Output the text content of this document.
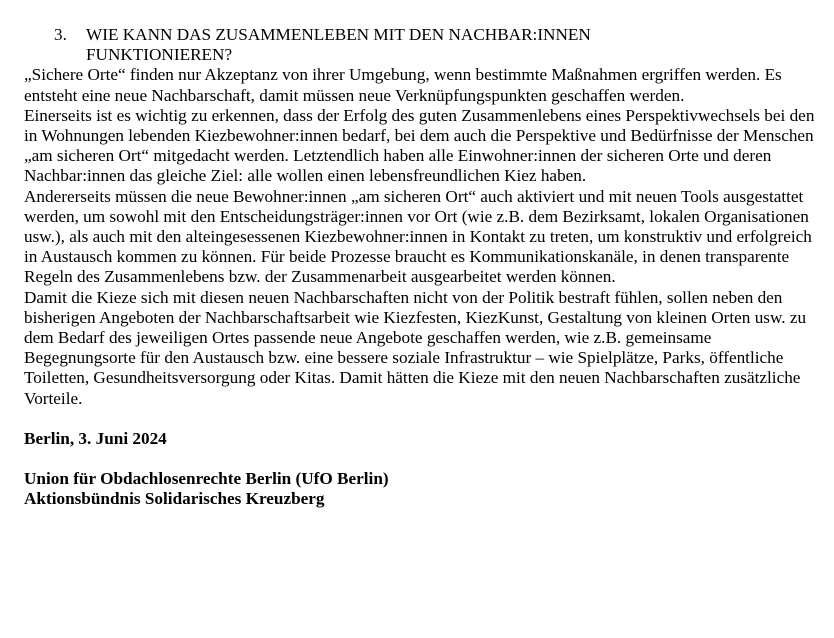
3.	WIE KANN DAS ZUSAMMENLEBEN MIT DEN NACHBAR:INNEN FUNKTIONIEREN?

„Sichere Orte“ finden nur Akzeptanz von ihrer Umgebung, wenn bestimmte Maßnahmen ergriffen werden. Es entsteht eine neue Nachbarschaft, damit müssen neue Verknüpfungspunkten geschaffen werden.

Einerseits ist es wichtig zu erkennen, dass der Erfolg des guten Zusammenlebens eines Perspektivwechsels bei den in Wohnungen lebenden Kiezbewohner:innen bedarf, bei dem auch die Perspektive und Bedürfnisse der Menschen „am sicheren Ort“ mitgedacht werden. Letztendlich haben alle Einwohner:innen der sicheren Orte und deren Nachbar:innen das gleiche Ziel: alle wollen einen lebensfreundlichen Kiez haben.

Andererseits müssen die neue Bewohner:innen „am sicheren Ort“ auch aktiviert und mit neuen Tools ausgestattet werden, um sowohl mit den Entscheidungsträger:innen vor Ort (wie z.B. dem Bezirksamt, lokalen Organisationen usw.), als auch mit den alteingesessenen Kiezbewohner:innen in Kontakt zu treten, um konstruktiv und erfolgreich in Austausch kommen zu können. Für beide Prozesse braucht es Kommunikationskanäle, in denen transparente Regeln des Zusammenlebens bzw. der Zusammenarbeit ausgearbeitet werden können.

Damit die Kieze sich mit diesen neuen Nachbarschaften nicht von der Politik bestraft fühlen, sollen neben den bisherigen Angeboten der Nachbarschaftsarbeit wie Kiezfesten, KiezKunst, Gestaltung von kleinen Orten usw. zu dem Bedarf des jeweiligen Ortes passende neue Angebote geschaffen werden, wie z.B. gemeinsame Begegnungsorte für den Austausch bzw. eine bessere soziale Infrastruktur – wie Spielplätze, Parks, öffentliche Toiletten, Gesundheitsversorgung oder Kitas. Damit hätten die Kieze mit den neuen Nachbarschaften zusätzliche Vorteile.

Berlin, 3. Juni 2024

Union für Obdachlosenrechte Berlin (UfO Berlin)

Aktionsbündnis Solidarisches Kreuzberg
